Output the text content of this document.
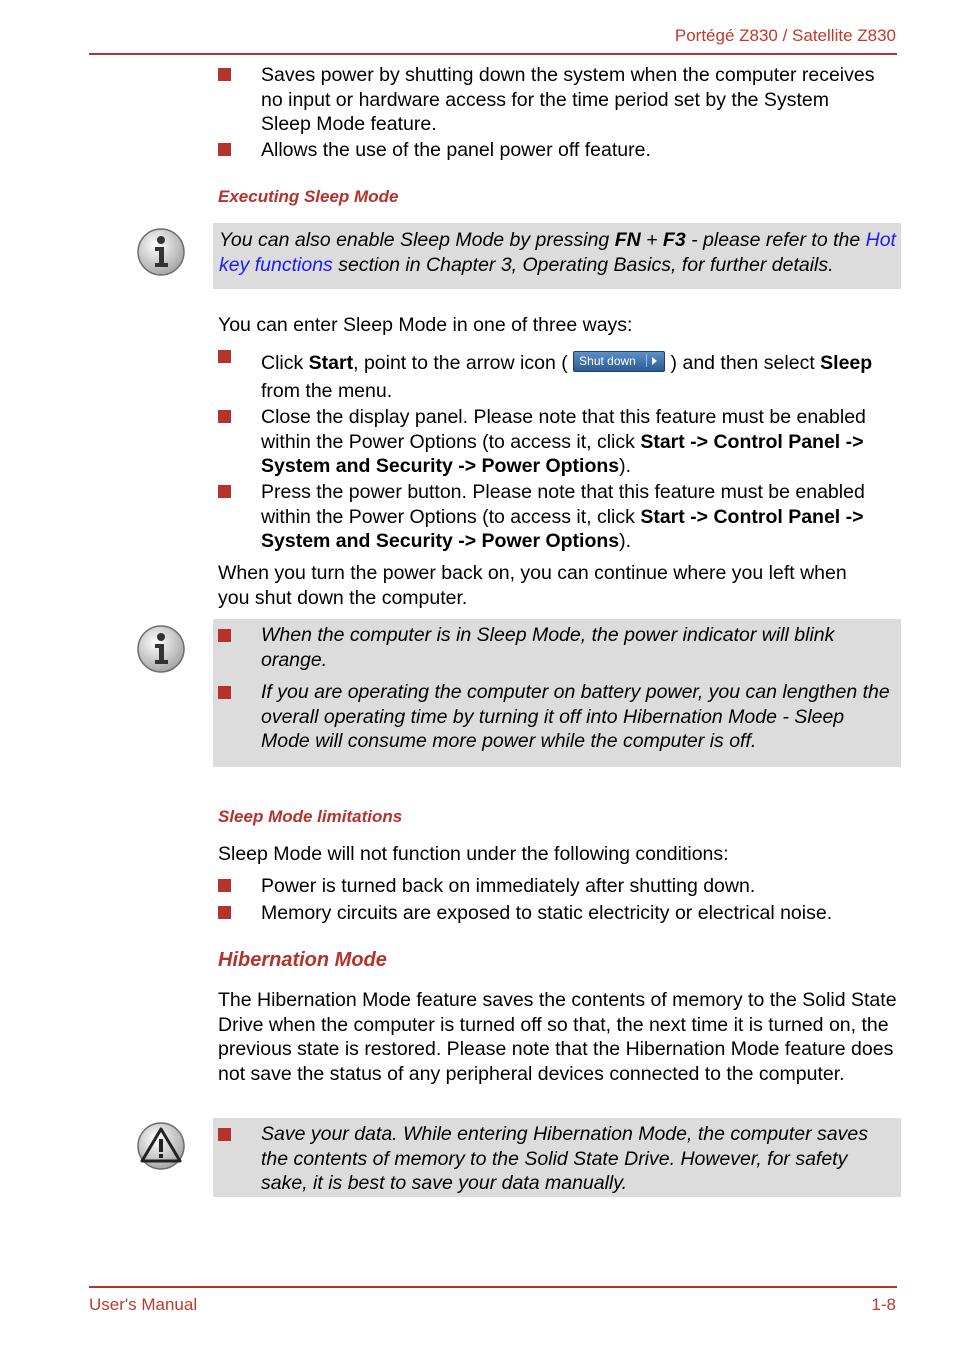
Portégé Z830 / Satellite Z830
Saves power by shutting down the system when the computer receives no input or hardware access for the time period set by the System Sleep Mode feature.
Allows the use of the panel power off feature.
Executing Sleep Mode
You can also enable Sleep Mode by pressing FN + F3 - please refer to the Hot key functions section in Chapter 3, Operating Basics, for further details.
You can enter Sleep Mode in one of three ways:
Click Start, point to the arrow icon ( Shut down ) and then select Sleep from the menu.
Close the display panel. Please note that this feature must be enabled within the Power Options (to access it, click Start -> Control Panel -> System and Security -> Power Options).
Press the power button. Please note that this feature must be enabled within the Power Options (to access it, click Start -> Control Panel -> System and Security -> Power Options).
When you turn the power back on, you can continue where you left when you shut down the computer.
When the computer is in Sleep Mode, the power indicator will blink orange.
If you are operating the computer on battery power, you can lengthen the overall operating time by turning it off into Hibernation Mode - Sleep Mode will consume more power while the computer is off.
Sleep Mode limitations
Sleep Mode will not function under the following conditions:
Power is turned back on immediately after shutting down.
Memory circuits are exposed to static electricity or electrical noise.
Hibernation Mode
The Hibernation Mode feature saves the contents of memory to the Solid State Drive when the computer is turned off so that, the next time it is turned on, the previous state is restored. Please note that the Hibernation Mode feature does not save the status of any peripheral devices connected to the computer.
Save your data. While entering Hibernation Mode, the computer saves the contents of memory to the Solid State Drive. However, for safety sake, it is best to save your data manually.
User's Manual	1-8
